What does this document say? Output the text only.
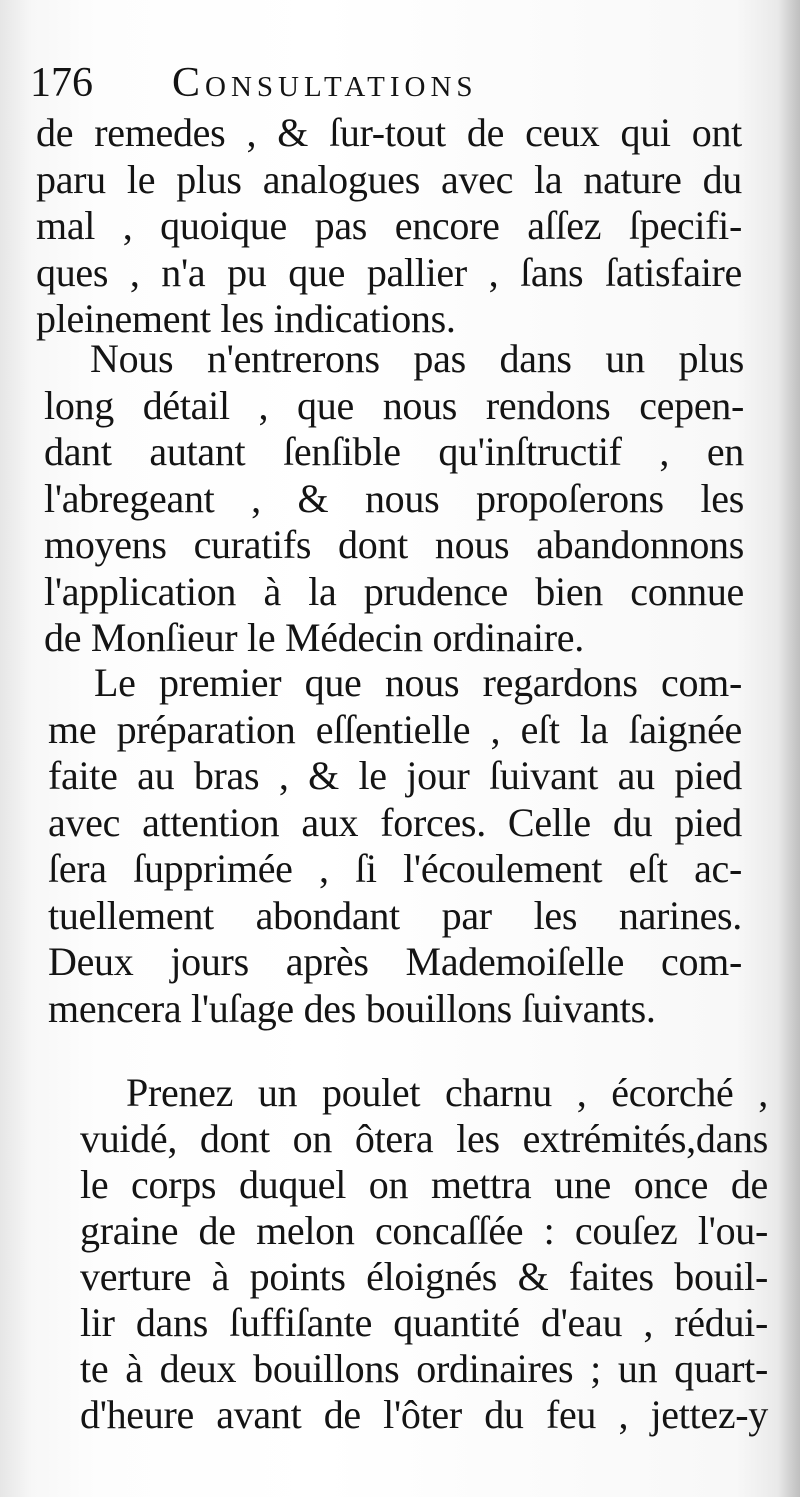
176 Consultations
de remedes , & ſur-tout de ceux qui ont
paru le plus analogues avec la nature du
mal , quoique pas encore aſſez ſpecifi-
ques , n'a pu que pallier , ſans ſatisfaire
pleinement les indications.
Nous n'entrerons pas dans un plus
long détail , que nous rendons cepen-
dant autant ſenſible qu'inſtructif , en
l'abregeant , & nous propoſerons les
moyens curatifs dont nous abandonnons
l'application à la prudence bien connue
de Monſieur le Médecin ordinaire.
Le premier que nous regardons com-
me préparation eſſentielle , eſt la ſaignée
faite au bras , & le jour ſuivant au pied
avec attention aux forces. Celle du pied
ſera ſupprimée , ſi l'écoulement eſt ac-
tuellement abondant par les narines.
Deux jours après Mademoiſelle com-
mencera l'uſage des bouillons ſuivants.
Prenez un poulet charnu , écorché ,
vuidé, dont on ôtera les extrémités,dans
le corps duquel on mettra une once de
graine de melon concaſſée : couſez l'ou-
verture à points éloignés & faites bouil-
lir dans ſuffiſante quantité d'eau , rédui-
te à deux bouillons ordinaires ; un quart-
d'heure avant de l'ôter du feu , jettez-y
